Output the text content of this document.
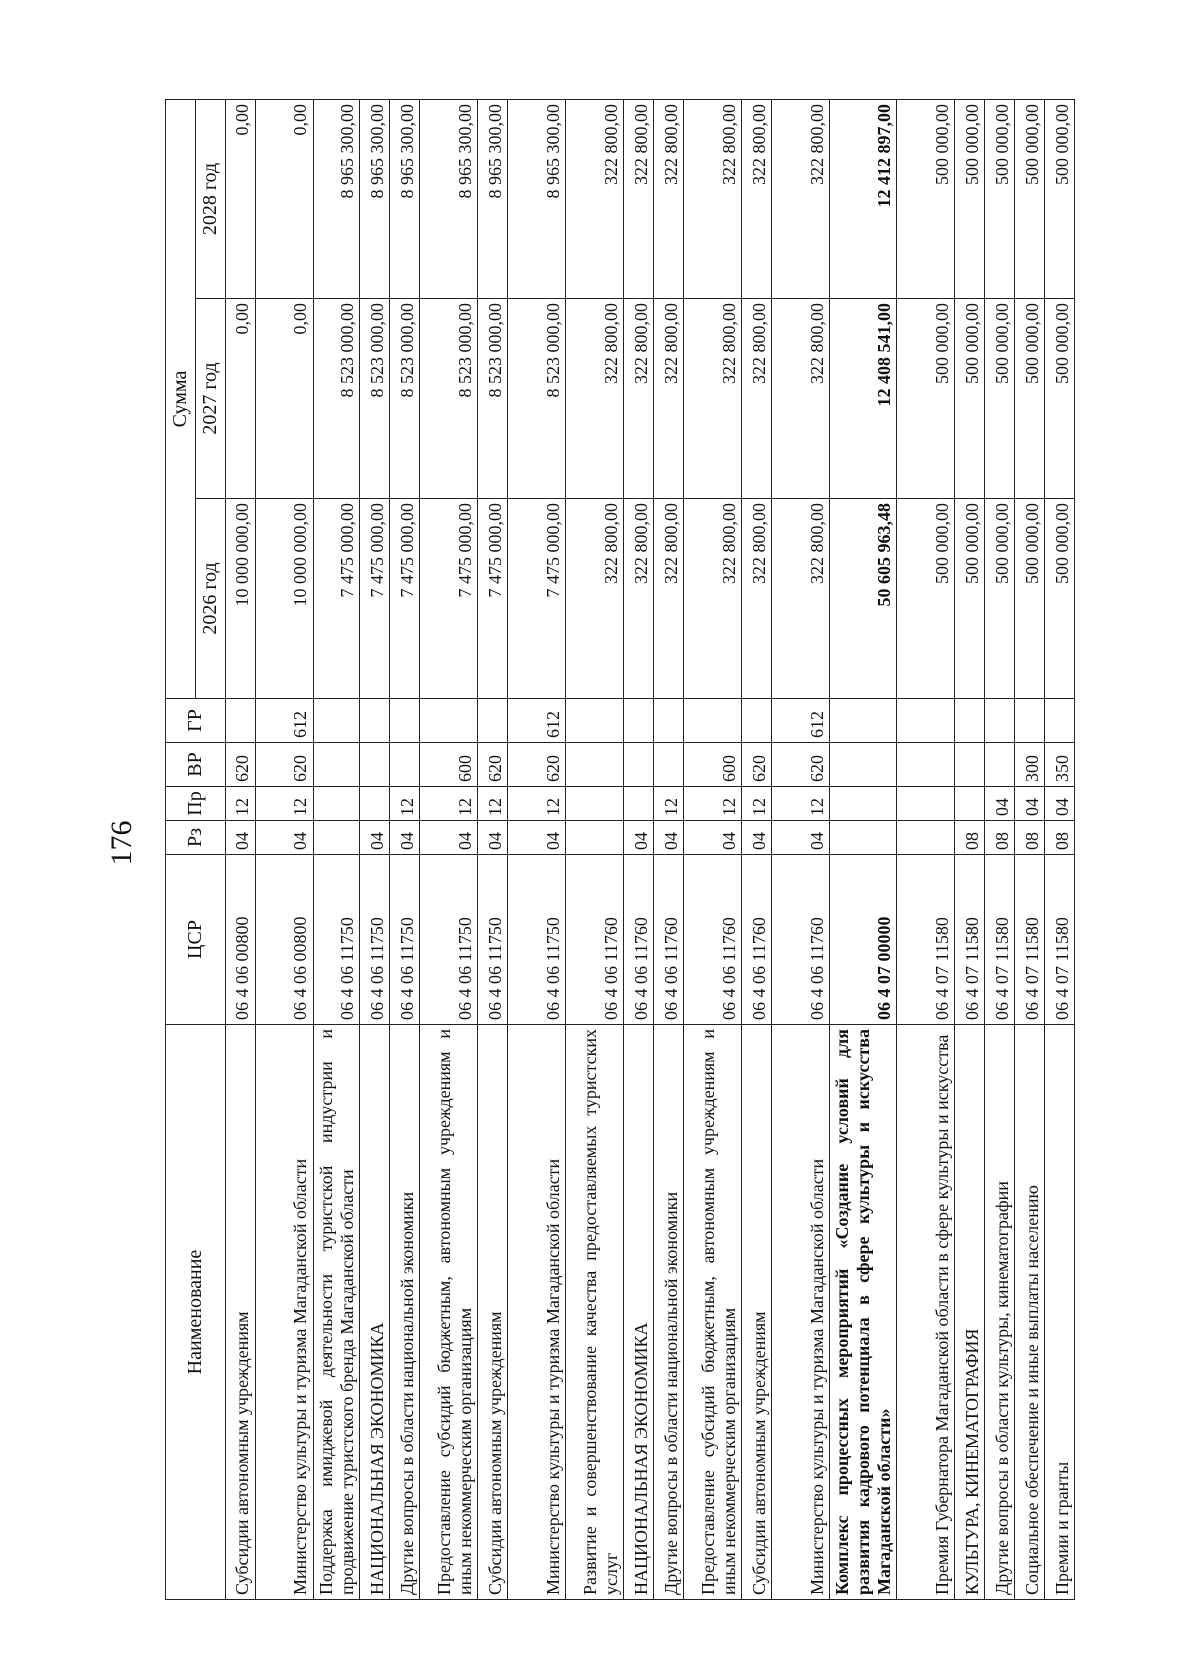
176
Наименование	ЦСР	Рз	Пр	ВР	ГР	Сумма		
						2026 год	2027 год	2028 год
Субсидии автономным учреждениям	06 4 06 00800	04	12	620		10 000 000,00	0,00	0,00
Министерство культуры и туризма Магаданской области	06 4 06 00800	04	12	620	612	10 000 000,00	0,00	0,00
Поддержка имиджевой деятельности туристской индустрии и продвижение туристского бренда Магаданской области	06 4 06 11750					7 475 000,00	8 523 000,00	8 965 300,00
НАЦИОНАЛЬНАЯ ЭКОНОМИКА	06 4 06 11750	04				7 475 000,00	8 523 000,00	8 965 300,00
Другие вопросы в области национальной экономики	06 4 06 11750	04	12			7 475 000,00	8 523 000,00	8 965 300,00
Предоставление субсидий бюджетным, автономным учреждениям и иным некоммерческим организациям	06 4 06 11750	04	12	600		7 475 000,00	8 523 000,00	8 965 300,00
Субсидии автономным учреждениям	06 4 06 11750	04	12	620		7 475 000,00	8 523 000,00	8 965 300,00
Министерство культуры и туризма Магаданской области	06 4 06 11750	04	12	620	612	7 475 000,00	8 523 000,00	8 965 300,00
Развитие и совершенствование качества предоставляемых туристских услуг	06 4 06 11760					322 800,00	322 800,00	322 800,00
НАЦИОНАЛЬНАЯ ЭКОНОМИКА	06 4 06 11760	04				322 800,00	322 800,00	322 800,00
Другие вопросы в области национальной экономики	06 4 06 11760	04	12			322 800,00	322 800,00	322 800,00
Предоставление субсидий бюджетным, автономным учреждениям и иным некоммерческим организациям	06 4 06 11760	04	12	600		322 800,00	322 800,00	322 800,00
Субсидии автономным учреждениям	06 4 06 11760	04	12	620		322 800,00	322 800,00	322 800,00
Министерство культуры и туризма Магаданской области	06 4 06 11760	04	12	620	612	322 800,00	322 800,00	322 800,00
Комплекс процессных мероприятий «Создание условий для развития кадрового потенциала в сфере культуры и искусства Магаданской области»	06 4 07 00000					50 605 963,48	12 408 541,00	12 412 897,00
Премия Губернатора Магаданской области в сфере культуры и искусства	06 4 07 11580					500 000,00	500 000,00	500 000,00
КУЛЬТУРА, КИНЕМАТОГРАФИЯ	06 4 07 11580	08				500 000,00	500 000,00	500 000,00
Другие вопросы в области культуры, кинематографии	06 4 07 11580	08	04			500 000,00	500 000,00	500 000,00
Социальное обеспечение и иные выплаты населению	06 4 07 11580	08	04	300		500 000,00	500 000,00	500 000,00
Премии и гранты	06 4 07 11580	08	04	350		500 000,00	500 000,00	500 000,00
